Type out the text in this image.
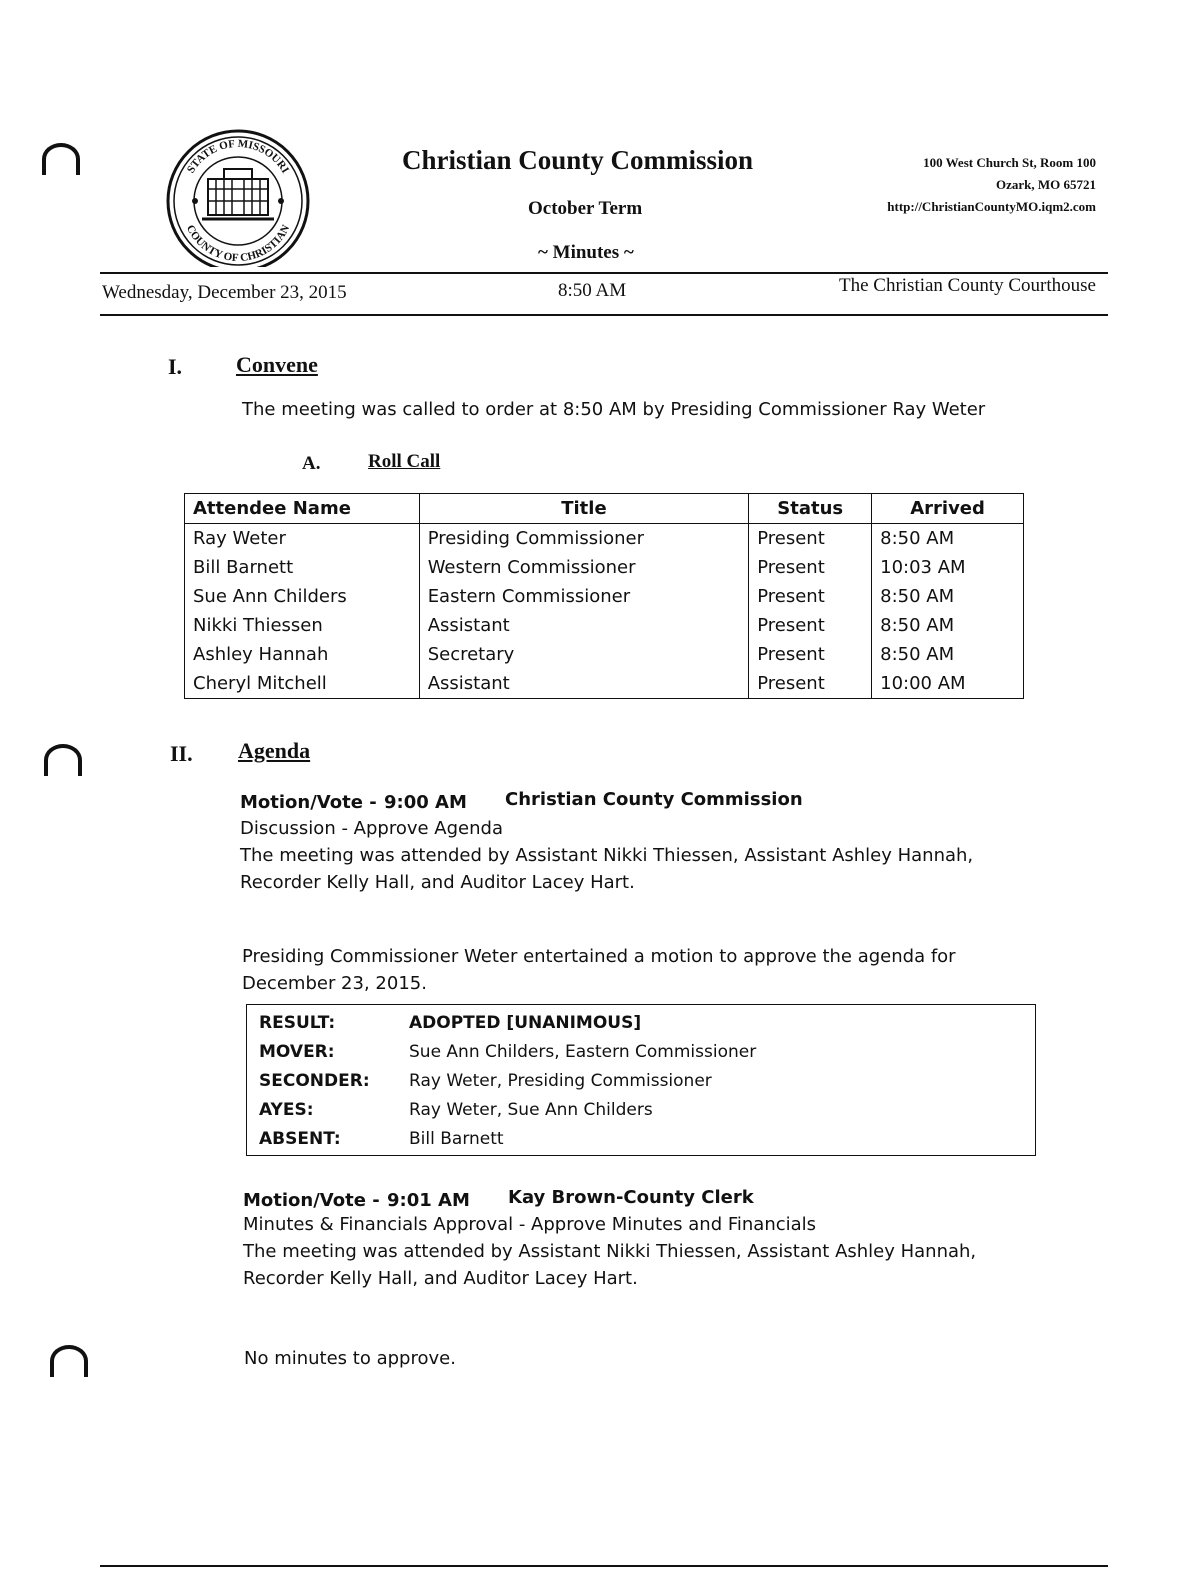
STATE OF MISSOURI
COUNTY OF CHRISTIAN
Christian County Commission
October Term
~ Minutes ~
100 West Church St, Room 100
Ozark, MO 65721
http://ChristianCountyMO.iqm2.com
Wednesday, December 23, 2015	8:50 AM	The Christian County Courthouse
I. Convene
The meeting was called to order at 8:50 AM by Presiding Commissioner Ray Weter
A.	Roll Call
Attendee Name	Title	Status	Arrived
Ray Weter	Presiding Commissioner	Present	8:50 AM
Bill Barnett	Western Commissioner	Present	10:03 AM
Sue Ann Childers	Eastern Commissioner	Present	8:50 AM
Nikki Thiessen	Assistant	Present	8:50 AM
Ashley Hannah	Secretary	Present	8:50 AM
Cheryl Mitchell	Assistant	Present	10:00 AM
II. Agenda
Motion/Vote - 9:00 AM Christian County Commission
Discussion - Approve Agenda
The meeting was attended by Assistant Nikki Thiessen, Assistant Ashley Hannah,
Recorder Kelly Hall, and Auditor Lacey Hart.
Presiding Commissioner Weter entertained a motion to approve the agenda for
December 23, 2015.
RESULT:	ADOPTED [UNANIMOUS]
MOVER:	Sue Ann Childers, Eastern Commissioner
SECONDER: Ray Weter, Presiding Commissioner
AYES:	Ray Weter, Sue Ann Childers
ABSENT:	Bill Barnett
Motion/Vote - 9:01 AM Kay Brown-County Clerk
Minutes & Financials Approval - Approve Minutes and Financials
The meeting was attended by Assistant Nikki Thiessen, Assistant Ashley Hannah,
Recorder Kelly Hall, and Auditor Lacey Hart.
No minutes to approve.
